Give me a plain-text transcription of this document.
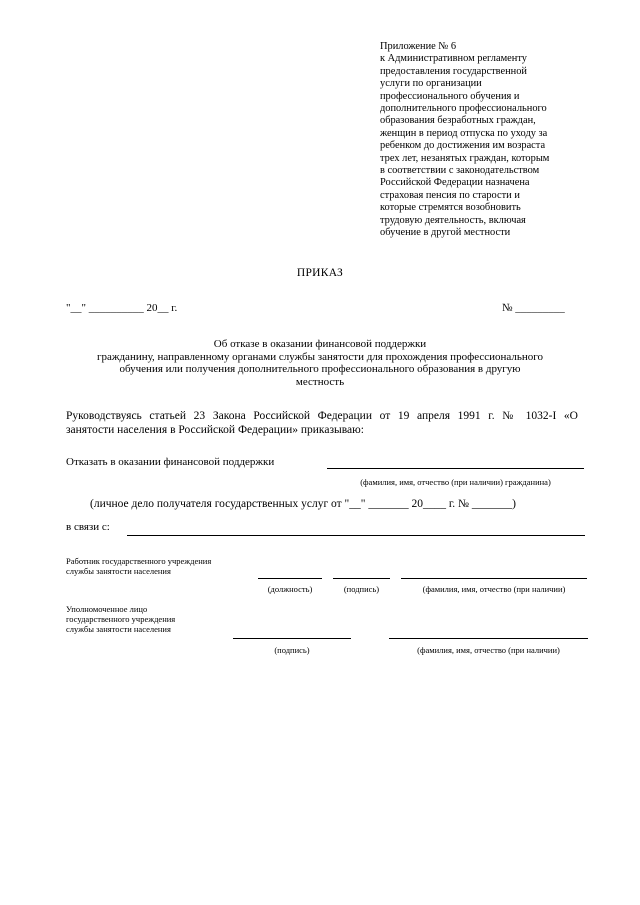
Приложение № 6
к Административном регламенту
предоставления государственной
услуги по организации
профессионального обучения и
дополнительного профессионального
образования безработных граждан,
женщин в период отпуска по уходу за
ребенком до достижения им возраста
трех лет, незанятых граждан, которым
в соответствии с законодательством
Российской Федерации назначена
страховая пенсия по старости и
которые стремятся возобновить
трудовую деятельность, включая
обучение в другой местности
ПРИКАЗ
"__" __________ 20__ г.	№ _________
Об отказе в оказании финансовой поддержки
гражданину, направленному органами службы занятости для прохождения профессионального
обучения или получения дополнительного профессионального образования в другую
местность
Руководствуясь статьей 23 Закона Российской Федерации от 19 апреля 1991 г. № 1032-I «О
занятости населения в Российской Федерации» приказываю:
Отказать в оказании финансовой поддержки
(фамилия, имя, отчество (при наличии) гражданина)
(личное дело получателя государственных услуг от "__" _______ 20____ г. № _______)
в связи с:
Работник государственного учреждения
службы занятости населения
(должность)	(подпись)	(фамилия, имя, отчество (при наличии)
Уполномоченное лицо
государственного учреждения
службы занятости населения
(подпись)	(фамилия, имя, отчество (при наличии)
